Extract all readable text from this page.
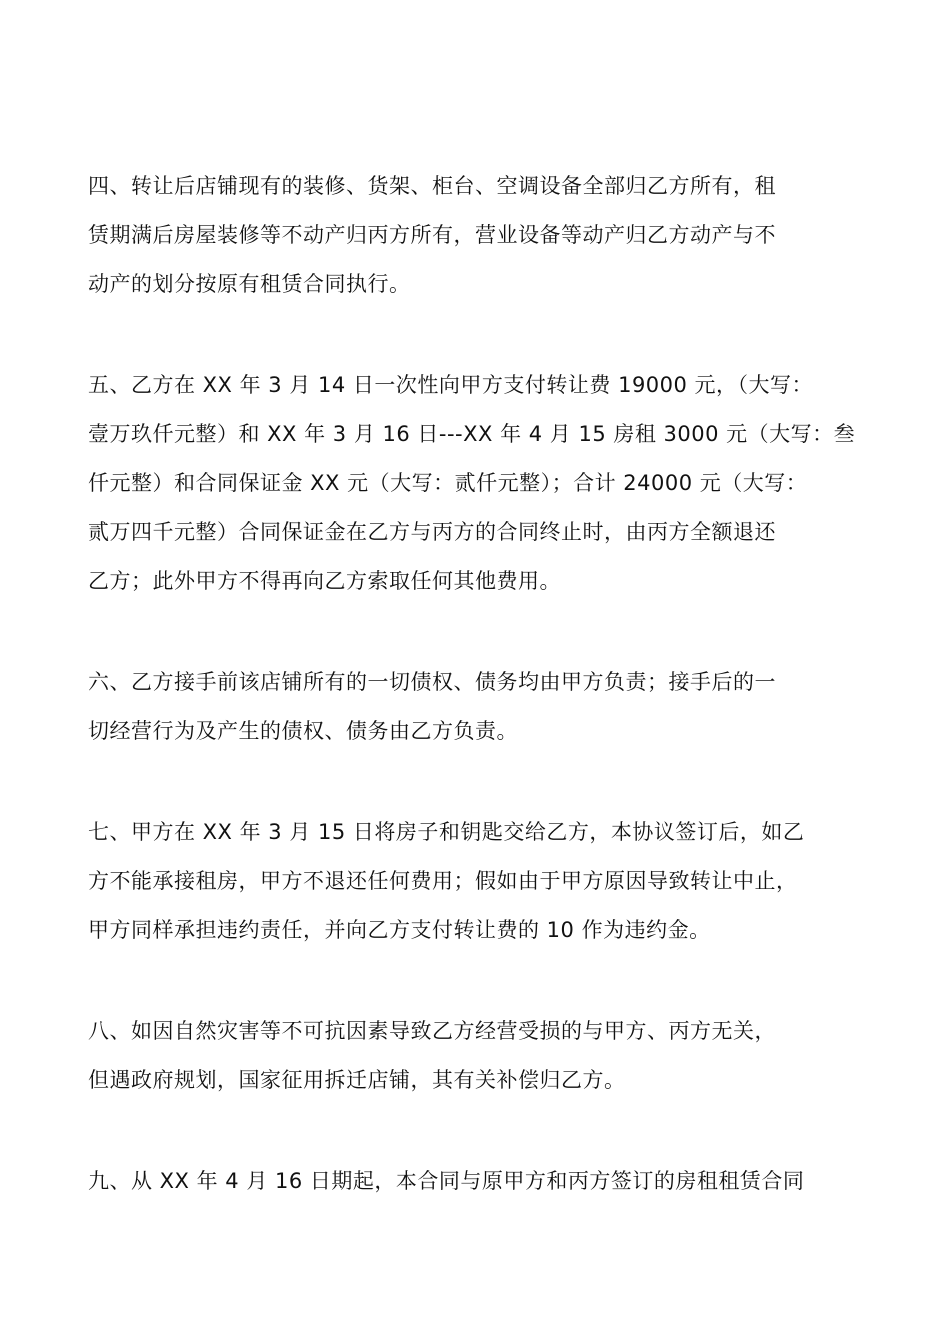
四、转让后店铺现有的装修、货架、柜台、空调设备全部归乙方所有，租
赁期满后房屋装修等不动产归丙方所有，营业设备等动产归乙方动产与不
动产的划分按原有租赁合同执行。
五、乙方在 XX 年 3 月 14 日一次性向甲方支付转让费 19000 元，（大写：
壹万玖仟元整）和 XX 年 3 月 16 日---XX 年 4 月 15 房租 3000 元（大写：叁
仟元整）和合同保证金 XX 元（大写：贰仟元整）；合计 24000 元（大写：
贰万四千元整）合同保证金在乙方与丙方的合同终止时，由丙方全额退还
乙方；此外甲方不得再向乙方索取任何其他费用。
六、乙方接手前该店铺所有的一切债权、债务均由甲方负责；接手后的一
切经营行为及产生的债权、债务由乙方负责。
七、甲方在 XX 年 3 月 15 日将房子和钥匙交给乙方，本协议签订后，如乙
方不能承接租房，甲方不退还任何费用；假如由于甲方原因导致转让中止，
甲方同样承担违约责任，并向乙方支付转让费的 10 作为违约金。
八、如因自然灾害等不可抗因素导致乙方经营受损的与甲方、丙方无关，
但遇政府规划，国家征用拆迁店铺，其有关补偿归乙方。
九、从 XX 年 4 月 16 日期起，本合同与原甲方和丙方签订的房租租赁合同
